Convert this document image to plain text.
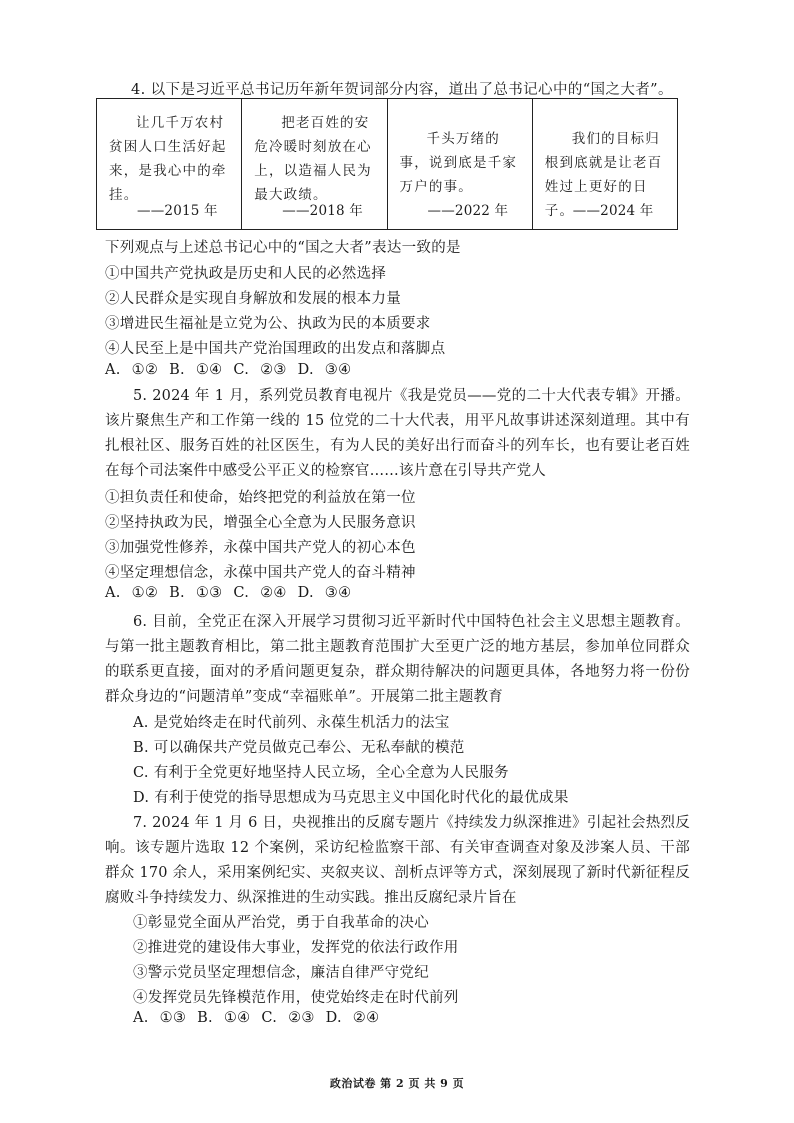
4. 以下是习近平总书记历年新年贺词部分内容，道出了总书记心中的“国之大者”。
让几千万农村贫困人口生活好起来，是我心中的牵挂。
——2015 年
把老百姓的安危冷暖时刻放在心上，以造福人民为最大政绩。
——2018 年
千头万绪的事，说到底是千家万户的事。
——2022 年
我们的目标归根到底就是让老百姓过上更好的日子。
——2024 年
下列观点与上述总书记心中的“国之大者”表达一致的是
①中国共产党执政是历史和人民的必然选择
②人民群众是实现自身解放和发展的根本力量
③增进民生福祉是立党为公、执政为民的本质要求
④人民至上是中国共产党治国理政的出发点和落脚点
A. ①② B. ①④ C. ②③ D. ③④
5. 2024 年 1 月，系列党员教育电视片《我是党员——党的二十大代表专辑》开播。该片聚焦生产和工作第一线的 15 位党的二十大代表，用平凡故事讲述深刻道理。其中有扎根社区、服务百姓的社区医生，有为人民的美好出行而奋斗的列车长，也有要让老百姓在每个司法案件中感受公平正义的检察官……该片意在引导共产党人
①担负责任和使命，始终把党的利益放在第一位
②坚持执政为民，增强全心全意为人民服务意识
③加强党性修养，永葆中国共产党人的初心本色
④坚定理想信念，永葆中国共产党人的奋斗精神
A. ①② B. ①③ C. ②④ D. ③④
6. 目前，全党正在深入开展学习贯彻习近平新时代中国特色社会主义思想主题教育。与第一批主题教育相比，第二批主题教育范围扩大至更广泛的地方基层，参加单位同群众的联系更直接，面对的矛盾问题更复杂，群众期待解决的问题更具体，各地努力将一份份群众身边的“问题清单”变成“幸福账单”。开展第二批主题教育
A. 是党始终走在时代前列、永葆生机活力的法宝
B. 可以确保共产党员做克己奉公、无私奉献的模范
C. 有利于全党更好地坚持人民立场，全心全意为人民服务
D. 有利于使党的指导思想成为马克思主义中国化时代化的最优成果
7. 2024 年 1 月 6 日，央视推出的反腐专题片《持续发力纵深推进》引起社会热烈反响。该专题片选取 12 个案例，采访纪检监察干部、有关审查调查对象及涉案人员、干部群众 170 余人，采用案例纪实、夹叙夹议、剖析点评等方式，深刻展现了新时代新征程反腐败斗争持续发力、纵深推进的生动实践。推出反腐纪录片旨在
①彰显党全面从严治党，勇于自我革命的决心
②推进党的建设伟大事业，发挥党的依法行政作用
③警示党员坚定理想信念，廉洁自律严守党纪
④发挥党员先锋模范作用，使党始终走在时代前列
A. ①③ B. ①④ C. ②③ D. ②④
政治试卷 第 2 页 共 9 页
